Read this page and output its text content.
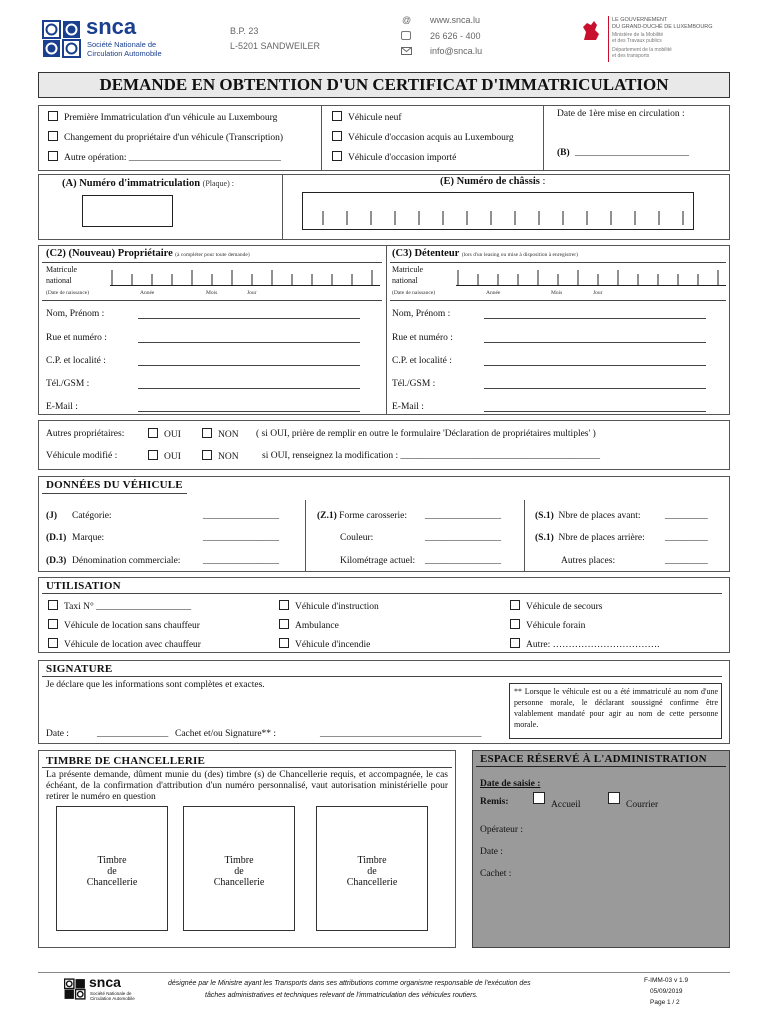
snca
Société Nationale de
Circulation Automobile
B.P. 23
L-5201 SANDWEILER
@ www.snca.lu
26 626 - 400
info@snca.lu
LE GOUVERNEMENT
DU GRAND-DUCHÉ DE LUXEMBOURG
Ministère de la Mobilité
et des Travaux publics
Département de la mobilité
et des transports
DEMANDE EN OBTENTION D'UN CERTIFICAT D'IMMATRICULATION
Première Immatriculation d'un véhicule au Luxembourg
Changement du propriétaire d'un véhicule (Transcription)
Autre opération: ________________________________
Véhicule neuf
Véhicule d'occasion acquis au Luxembourg
Véhicule d'occasion importé
Date de 1ère mise en circulation :
(B) ________________________
(A) Numéro d'immatriculation (Plaque) :	(E) Numéro de châssis :
(C2) (Nouveau) Propriétaire (à compléter pour toute demande)
Matricule
national
(Date de naissance)	Année	Mois	Jour
Nom, Prénom :
Rue et numéro :
C.P. et localité :
Tél./GSM :
E-Mail :
(C3) Détenteur (lors d'un leasing ou mise à disposition à enregistrer)
Matricule
national
(Date de naissance)	Année	Mois	Jour
Nom, Prénom :
Rue et numéro :
C.P. et localité :
Tél./GSM :
E-Mail :
Autres propriétaires:	OUI	NON ( si OUI, prière de remplir en outre le formulaire 'Déclaration de propriétaires multiples' )
Véhicule modifié :	OUI	NON si OUI, renseignez la modification : __________________________________________
DONNÉES DU VÉHICULE
(J) Catégorie:	________________
(D.1) Marque:	________________
(D.3) Dénomination commerciale: ________________
(Z.1) Forme carosserie: ________________
Couleur:	________________
Kilométrage actuel: ________________
(S.1) Nbre de places avant:	_________
(S.1) Nbre de places arrière: _________
Autres places:	_________
UTILISATION
Taxi N° ____________________
Véhicule de location sans chauffeur
Véhicule de location avec chauffeur
Véhicule d'instruction
Ambulance
Véhicule d'incendie
Véhicule de secours
Véhicule forain
Autre: …………………………….
SIGNATURE
Je déclare que les informations sont complètes et exactes.
Date :	_______________ Cachet et/ou Signature** :	__________________________________
** Lorsque le véhicule est ou a été immatriculé au nom d'une personne morale, le déclarant soussigné confirme être valablement mandaté pour agir au nom de cette personne morale.
TIMBRE DE CHANCELLERIE
La présente demande, dûment munie du (des) timbre (s) de Chancellerie requis, et accompagnée, le cas échéant, de la confirmation d'attribution d'un numéro personnalisé, vaut autorisation ministérielle pour retirer le numéro en question
Timbre
de
Chancellerie
Timbre
de
Chancellerie
Timbre
de
Chancellerie
ESPACE RÉSERVÉ À L'ADMINISTRATION
Date de saisie :
Remis:	Accueil	Courrier
Opérateur :
Date :
Cachet :
snca
Société Nationale de
Circulation Automobile
désignée par le Ministre ayant les Transports dans ses attributions comme organisme responsable de l'exécution des
tâches administratives et techniques relevant de l'immatriculation des véhicules routiers.
F-IMM-03 v 1.9
05/09/2019
Page 1 / 2
